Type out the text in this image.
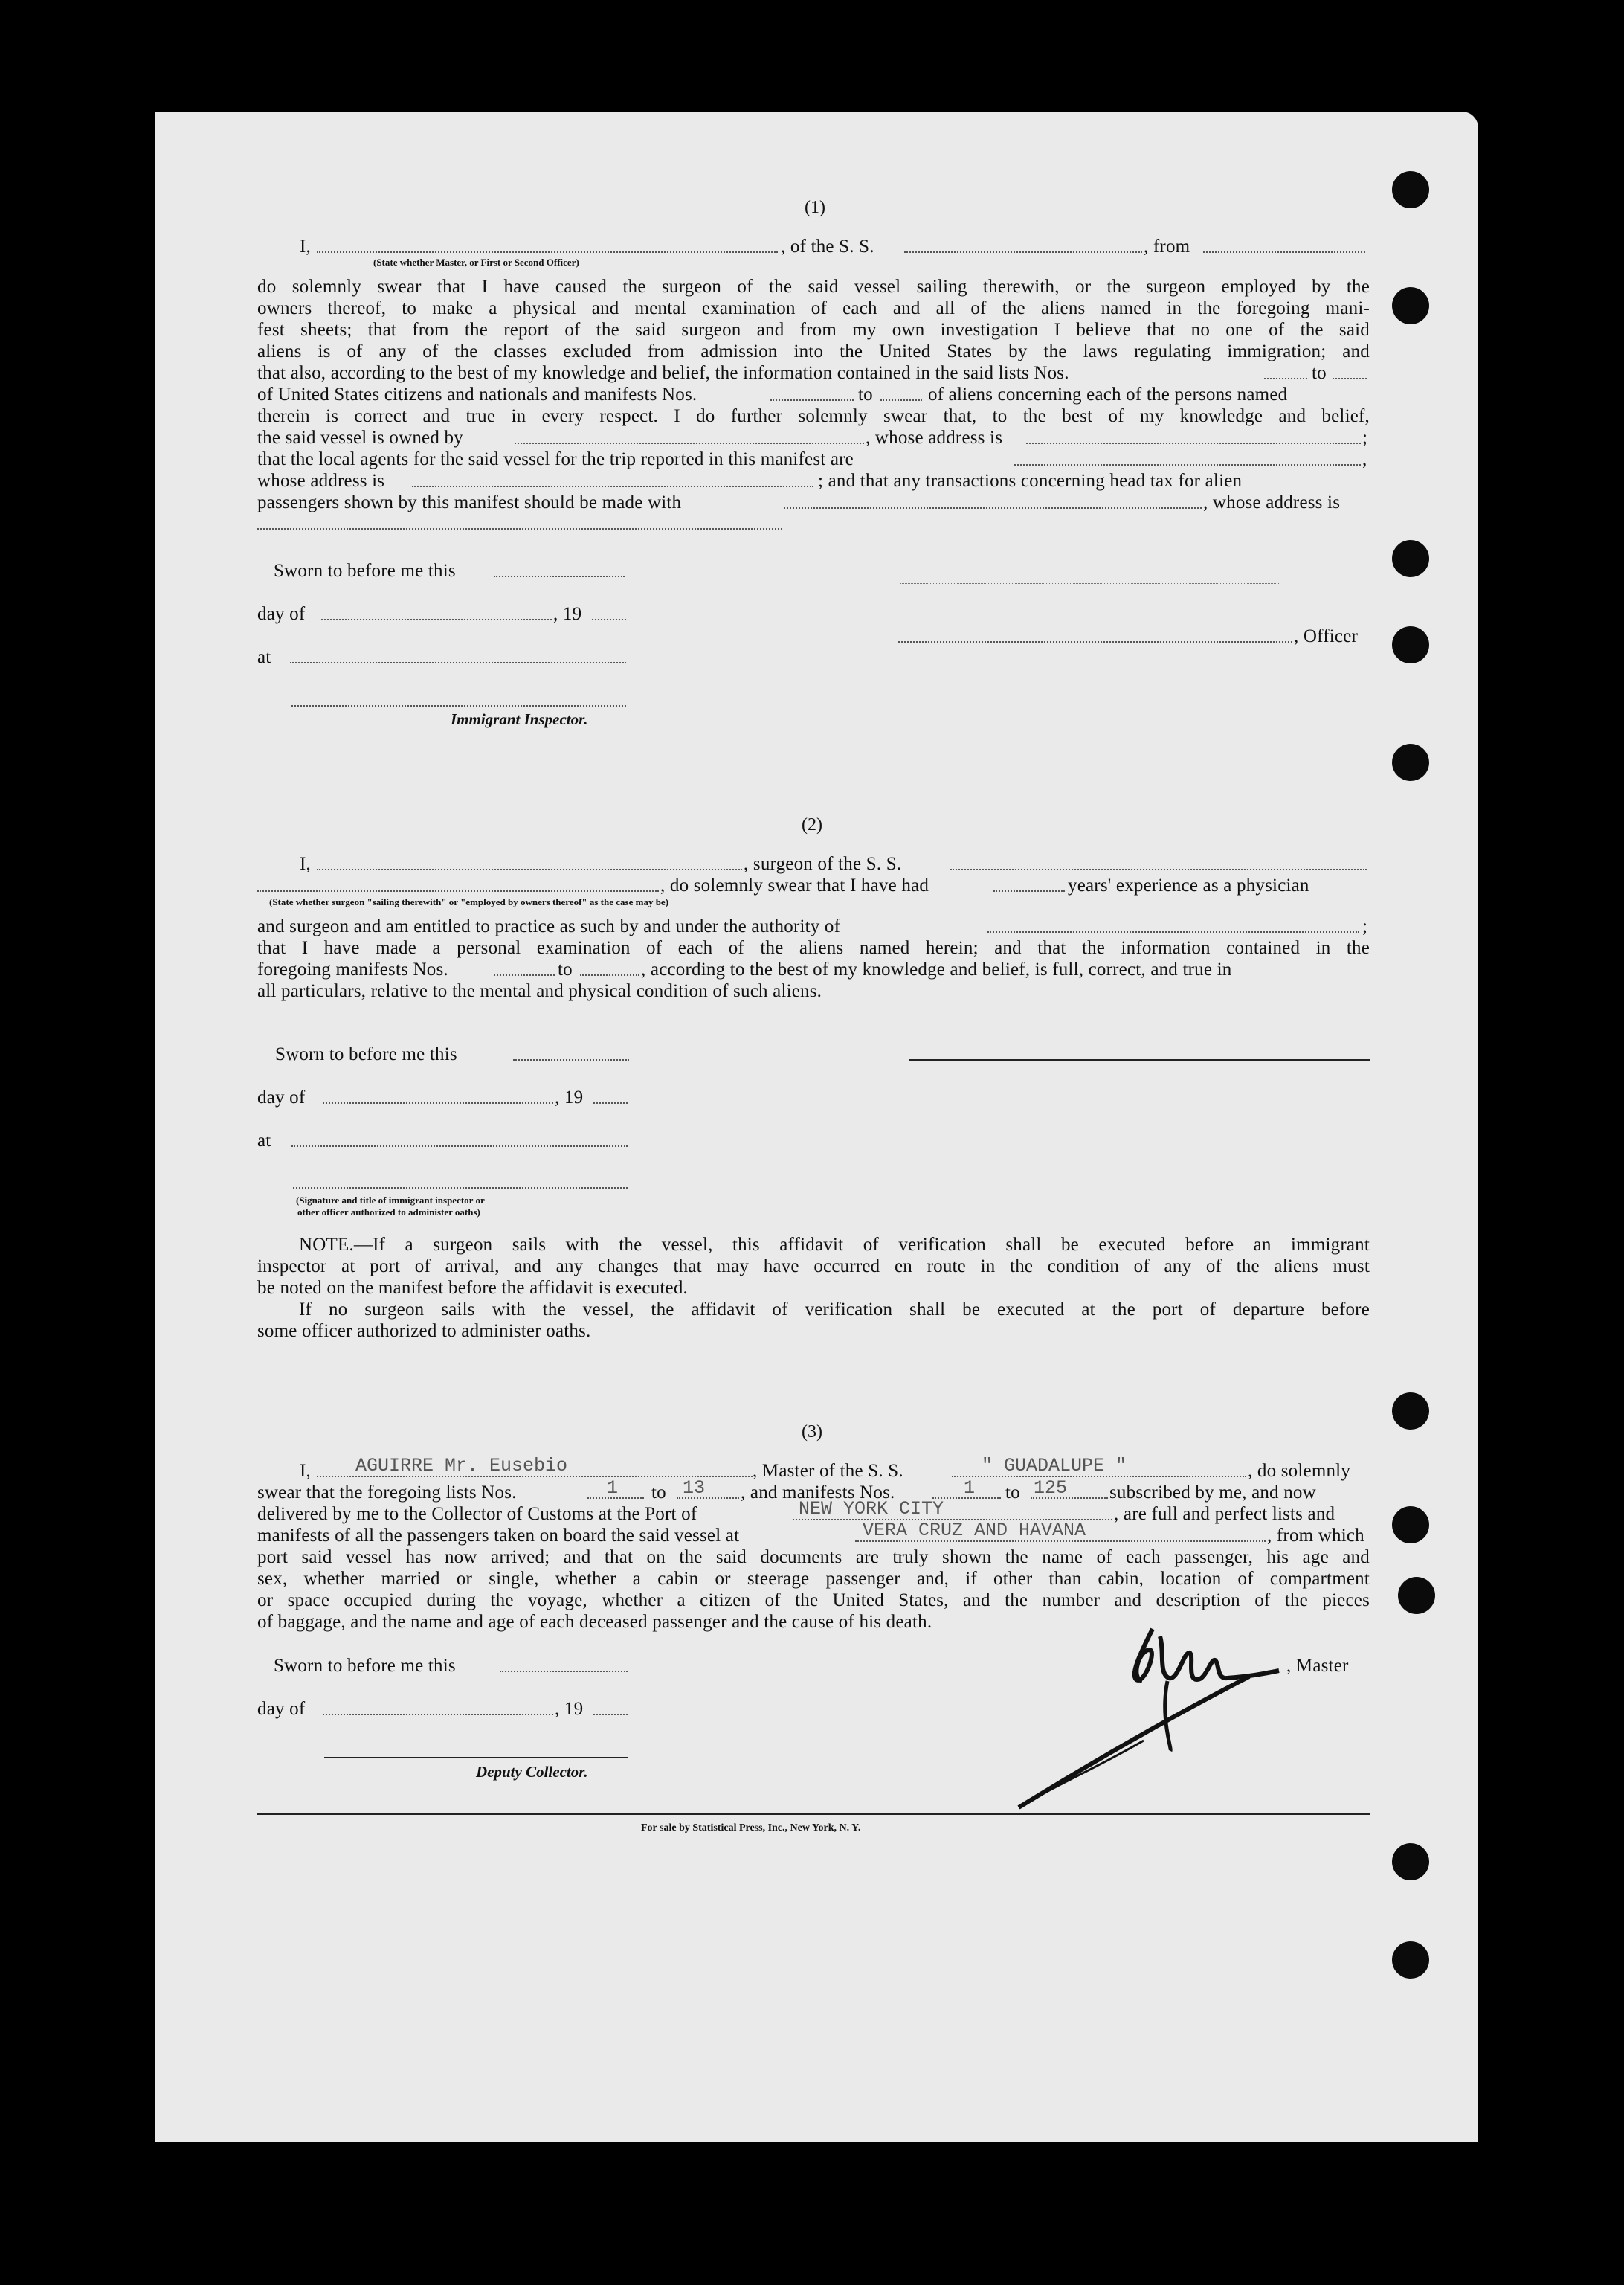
(1)
I,	, of the S. S.	, from
(State whether Master, or First or Second Officer)
do solemnly swear that I have caused the surgeon of the said vessel sailing therewith, or the surgeon employed by the
owners thereof, to make a physical and mental examination of each and all of the aliens named in the foregoing mani-
fest sheets; that from the report of the said surgeon and from my own investigation I believe that no one of the said
aliens is of any of the classes excluded from admission into the United States by the laws regulating immigration; and
that also, according to the best of my knowledge and belief, the information contained in the said lists Nos.	to
of United States citizens and nationals and manifests Nos.	to	of aliens concerning each of the persons named
therein is correct and true in every respect. I do further solemnly swear that, to the best of my knowledge and belief,
the said vessel is owned by	, whose address is	;
that the local agents for the said vessel for the trip reported in this manifest are	,
whose address is	; and that any transactions concerning head tax for alien
passengers shown by this manifest should be made with	, whose address is
Sworn to before me this
day of	, 19
at
Immigrant Inspector.
, Officer
(2)
I,	, surgeon of the S. S.
, do solemnly swear that I have had	years' experience as a physician
(State whether surgeon "sailing therewith" or "employed by owners thereof" as the case may be)
and surgeon and am entitled to practice as such by and under the authority of	;
that I have made a personal examination of each of the aliens named herein; and that the information contained in the
foregoing manifests Nos.	to	, according to the best of my knowledge and belief, is full, correct, and true in
all particulars, relative to the mental and physical condition of such aliens.
Sworn to before me this
day of	, 19
at
(Signature and title of immigrant inspector or
other officer authorized to administer oaths)
NOTE.—If a surgeon sails with the vessel, this affidavit of verification shall be executed before an immigrant
inspector at port of arrival, and any changes that may have occurred en route in the condition of any of the aliens must
be noted on the manifest before the affidavit is executed.
If no surgeon sails with the vessel, the affidavit of verification shall be executed at the port of departure before
some officer authorized to administer oaths.
(3)
I, AGUIRRE Mr. Eusebio	, Master of the S. S.	" GUADALUPE "	, do solemnly
swear that the foregoing lists Nos.	1 to 13 , and manifests Nos.	1 to 125 subscribed by me, and now
delivered by me to the Collector of Customs at the Port of	NEW YORK CITY	, are full and perfect lists and
manifests of all the passengers taken on board the said vessel at	VERA CRUZ AND HAVANA	, from which
port said vessel has now arrived; and that on the said documents are truly shown the name of each passenger, his age and
sex, whether married or single, whether a cabin or steerage passenger and, if other than cabin, location of compartment
or space occupied during the voyage, whether a citizen of the United States, and the number and description of the pieces
of baggage, and the name and age of each deceased passenger and the cause of his death.
Sworn to before me this	, Master
day of	, 19
Deputy Collector.
For sale by Statistical Press, Inc., New York, N. Y.
